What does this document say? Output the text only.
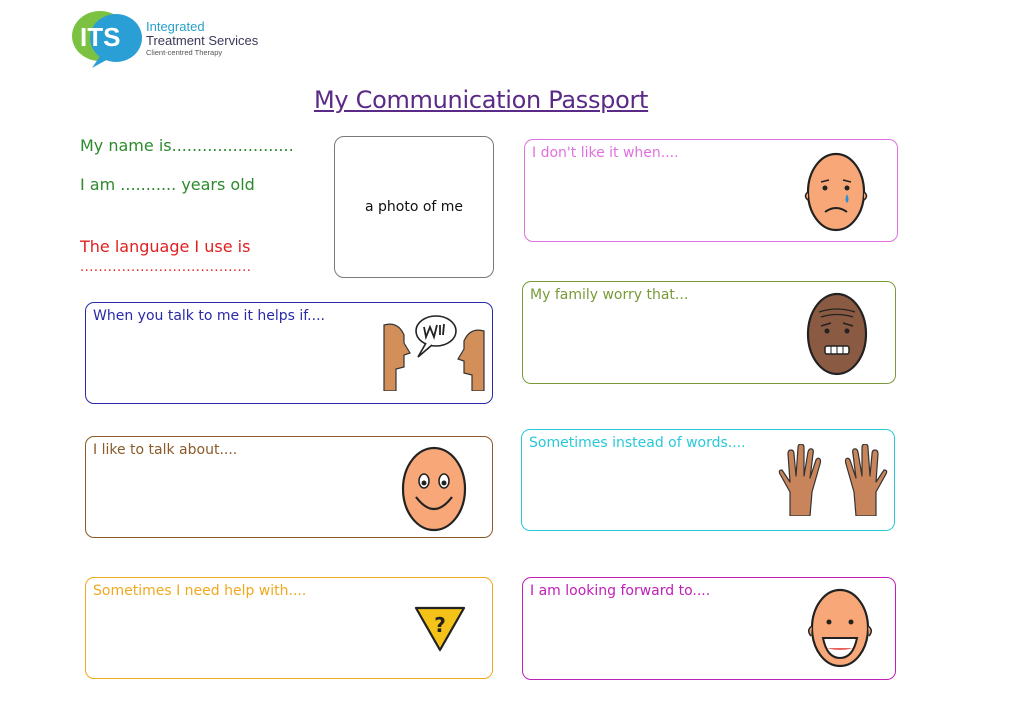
ITS Integrated
Treatment Services
Client-centred Therapy
My Communication Passport
My name is........................
I am ........... years old
The language I use is
.....................................
a photo of me
When you talk to me it helps if....
I like to talk about....
Sometimes I need help with....
?
I don't like it when....
My family worry that...
Sometimes instead of words....
I am looking forward to....
